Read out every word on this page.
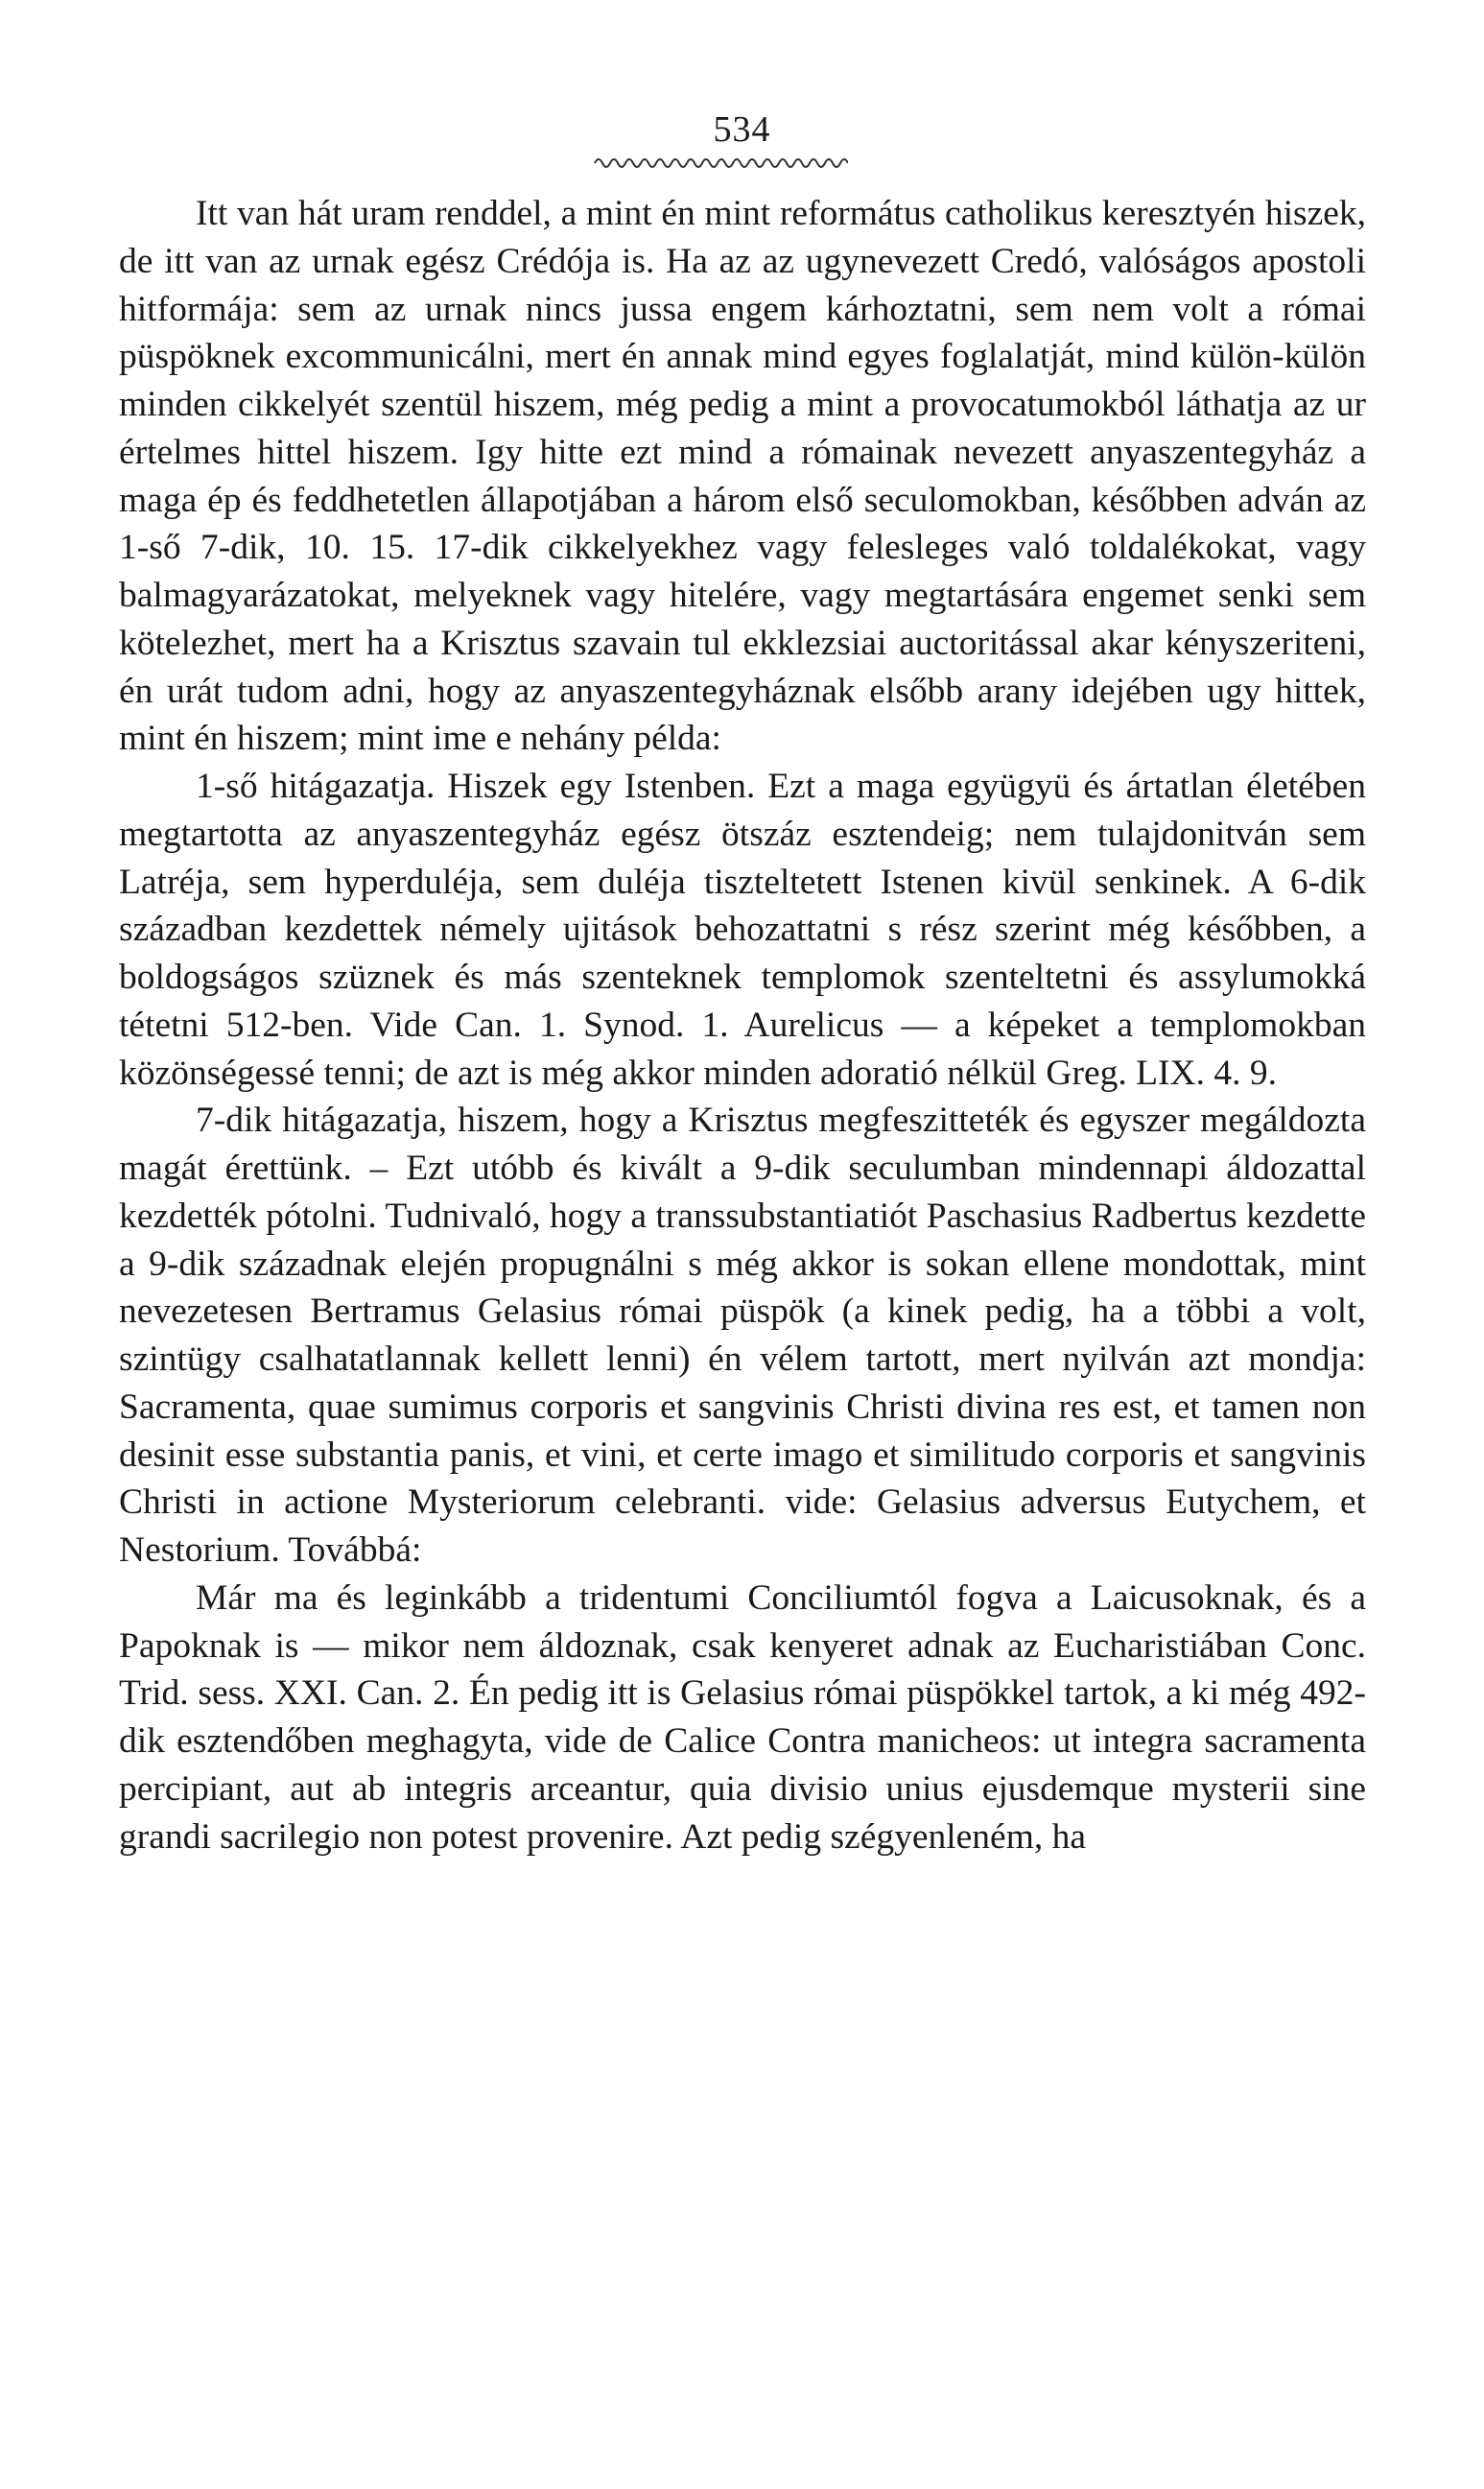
534

Itt van hát uram renddel, a mint én mint református catholikus keresztyén hiszek, de itt van az urnak egész Crédója is. Ha az az ugynevezett Credó, valóságos apostoli hitformája: sem az urnak nincs jussa engem kárhoztatni, sem nem volt a római püspöknek excommunicálni, mert én annak mind egyes foglalatját, mind külön-külön minden cikkelyét szentül hiszem, még pedig a mint a provocatumokból láthatja az ur értelmes hittel hiszem. Igy hitte ezt mind a rómainak nevezett anyaszentegyház a maga ép és feddhetetlen állapotjában a három első seculomokban, későbben adván az 1-ső 7-dik, 10. 15. 17-dik cikkelyekhez vagy felesleges való toldalékokat, vagy balmagyarázatokat, melyeknek vagy hitelére, vagy megtartására engemet senki sem kötelezhet, mert ha a Krisztus szavain tul ekklezsiai auctoritással akar kényszeriteni, én urát tudom adni, hogy az anyaszentegyháznak elsőbb arany idejében ugy hittek, mint én hiszem; mint ime e nehány példa:

1-ső hitágazatja. Hiszek egy Istenben. Ezt a maga együgyü és ártatlan életében megtartotta az anyaszentegyház egész ötszáz esztendeig; nem tulajdonitván sem Latréja, sem hyperduléja, sem duléja tiszteltetett Istenen kivül senkinek. A 6-dik században kezdettek némely ujitások behozattatni s rész szerint még későbben, a boldogságos szüznek és más szenteknek templomok szenteltetni és assylumokká tétetni 512-ben. Vide Can. 1. Synod. 1. Aurelicus — a képeket a templomokban közönségessé tenni; de azt is még akkor minden adoratió nélkül Greg. LIX. 4. 9.

7-dik hitágazatja, hiszem, hogy a Krisztus megfeszitteték és egyszer megáldozta magát érettünk. – Ezt utóbb és kivált a 9-dik seculumban mindennapi áldozattal kezdették pótolni. Tudnivaló, hogy a transsubstantiatiót Paschasius Radbertus kezdette a 9-dik századnak elején propugnálni s még akkor is sokan ellene mondottak, mint nevezetesen Bertramus Gelasius római püspök (a kinek pedig, ha a többi a volt, szintügy csalhatatlannak kellett lenni) én vélem tartott, mert nyilván azt mondja: Sacramenta, quae sumimus corporis et sangvinis Christi divina res est, et tamen non desinit esse substantia panis, et vini, et certe imago et similitudo corporis et sangvinis Christi in actione Mysteriorum celebranti. vide: Gelasius adversus Eutychem, et Nestorium. Továbbá:

Már ma és leginkább a tridentumi Conciliumtól fogva a Laicusoknak, és a Papoknak is — mikor nem áldoznak, csak kenyeret adnak az Eucharistiában Conc. Trid. sess. XXI. Can. 2. Én pedig itt is Gelasius római püspökkel tartok, a ki még 492-dik esztendőben meghagyta, vide de Calice Contra manicheos: ut integra sacramenta percipiant, aut ab integris arceantur, quia divisio unius ejusdemque mysterii sine grandi sacrilegio non potest provenire. Azt pedig szégyenleném, ha
